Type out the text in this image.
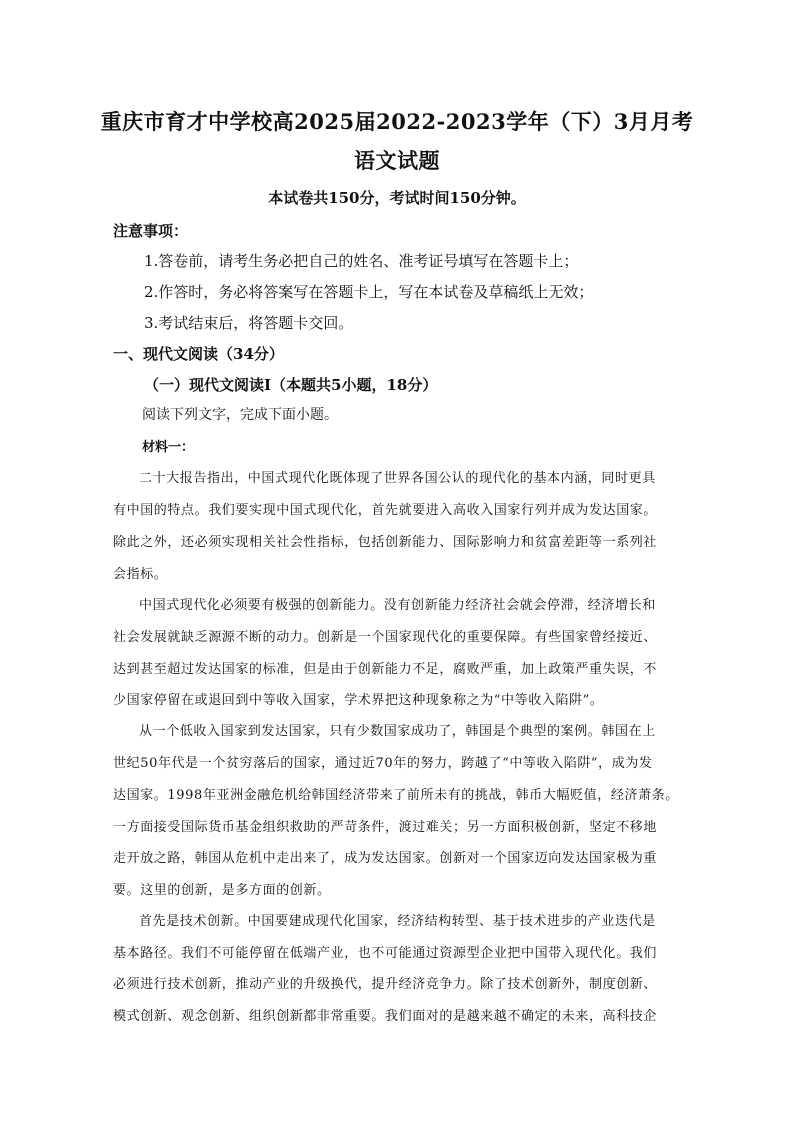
重庆市育才中学校高2025届2022-2023学年（下）3月月考
语文试题
本试卷共150分，考试时间150分钟。
注意事项：
1.答卷前，请考生务必把自己的姓名、准考证号填写在答题卡上；
2.作答时，务必将答案写在答题卡上，写在本试卷及草稿纸上无效；
3.考试结束后，将答题卡交回。
一、现代文阅读（34分）
（一）现代文阅读Ⅰ（本题共5小题，18分）
阅读下列文字，完成下面小题。
材料一：
二十大报告指出，中国式现代化既体现了世界各国公认的现代化的基本内涵，同时更具
有中国的特点。我们要实现中国式现代化，首先就要进入高收入国家行列并成为发达国家。
除此之外，还必须实现相关社会性指标，包括创新能力、国际影响力和贫富差距等一系列社
会指标。
中国式现代化必须要有极强的创新能力。没有创新能力经济社会就会停滞，经济增长和
社会发展就缺乏源源不断的动力。创新是一个国家现代化的重要保障。有些国家曾经接近、
达到甚至超过发达国家的标准，但是由于创新能力不足，腐败严重，加上政策严重失误，不
少国家停留在或退回到中等收入国家，学术界把这种现象称之为“中等收入陷阱”。
从一个低收入国家到发达国家，只有少数国家成功了，韩国是个典型的案例。韩国在上
世纪50年代是一个贫穷落后的国家，通过近70年的努力，跨越了“中等收入陷阱”，成为发
达国家。1998年亚洲金融危机给韩国经济带来了前所未有的挑战，韩币大幅贬值，经济萧条。
一方面接受国际货币基金组织救助的严苛条件，渡过难关；另一方面积极创新，坚定不移地
走开放之路，韩国从危机中走出来了，成为发达国家。创新对一个国家迈向发达国家极为重
要。这里的创新，是多方面的创新。
首先是技术创新。中国要建成现代化国家，经济结构转型、基于技术进步的产业迭代是
基本路径。我们不可能停留在低端产业，也不可能通过资源型企业把中国带入现代化。我们
必须进行技术创新，推动产业的升级换代，提升经济竞争力。除了技术创新外，制度创新、
模式创新、观念创新、组织创新都非常重要。我们面对的是越来越不确定的未来，高科技企
